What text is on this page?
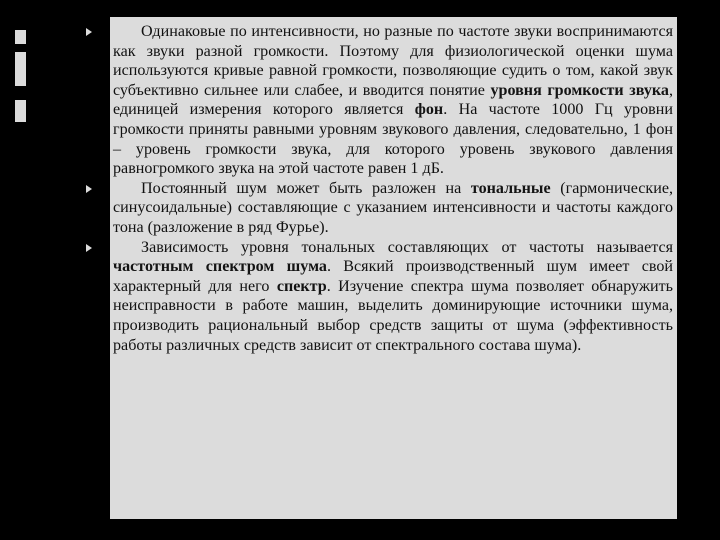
Одинаковые по интенсивности, но разные по частоте звуки воспринимаются как звуки разной громкости. Поэтому для физиологической оценки шума используются кривые равной громкости, позволяющие судить о том, какой звук субъективно сильнее или слабее, и вводится понятие уровня громкости звука, единицей измерения которого является фон. На частоте 1000 Гц уровни громкости приняты равными уровням звукового давления, следовательно, 1 фон – уровень громкости звука, для которого уровень звукового давления равногромкого звука на этой частоте равен 1 дБ.

Постоянный шум может быть разложен на тональные (гармонические, синусоидальные) составляющие с указанием интенсивности и частоты каждого тона (разложение в ряд Фурье).

Зависимость уровня тональных составляющих от частоты называется частотным спектром шума. Всякий производственный шум имеет свой характерный для него спектр. Изучение спектра шума позволяет обнаружить неисправности в работе машин, выделить доминирующие источники шума, производить рациональный выбор средств защиты от шума (эффективность работы различных средств зависит от спектрального состава шума).
